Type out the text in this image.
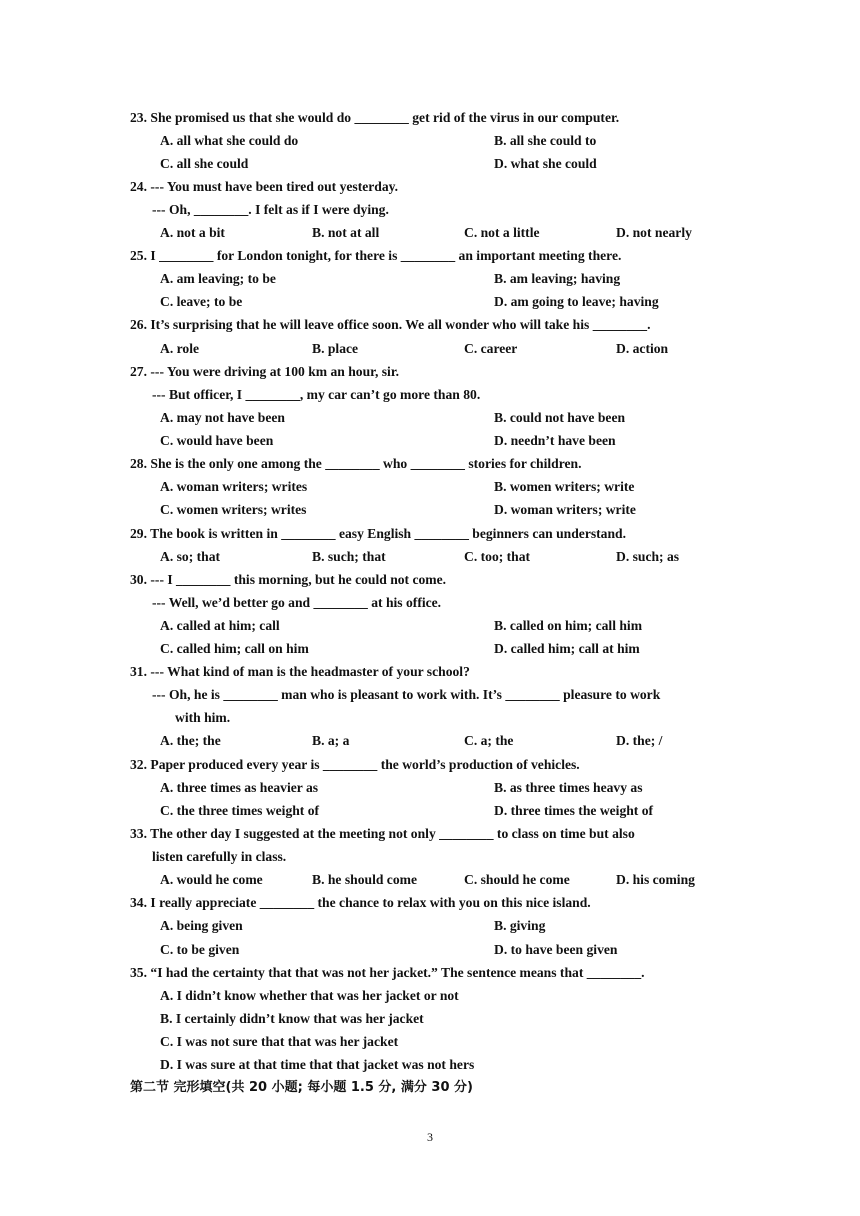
23. She promised us that she would do ________ get rid of the virus in our computer.
A. all what she could do	B. all she could to
C. all she could	D. what she could
24. --- You must have been tired out yesterday.
--- Oh, ________. I felt as if I were dying.
A. not a bit	B. not at all	C. not a little	D. not nearly
25. I ________ for London tonight, for there is ________ an important meeting there.
A. am leaving; to be	B. am leaving; having
C. leave; to be	D. am going to leave; having
26. It’s surprising that he will leave office soon. We all wonder who will take his ________.
A. role	B. place	C. career	D. action
27. --- You were driving at 100 km an hour, sir.
--- But officer, I ________, my car can’t go more than 80.
A. may not have been	B. could not have been
C. would have been	D. needn’t have been
28. She is the only one among the ________ who ________ stories for children.
A. woman writers; writes	B. women writers; write
C. women writers; writes	D. woman writers; write
29. The book is written in ________ easy English ________ beginners can understand.
A. so; that	B. such; that	C. too; that	D. such; as
30. --- I ________ this morning, but he could not come.
--- Well, we’d better go and ________ at his office.
A. called at him; call	B. called on him; call him
C. called him; call on him	D. called him; call at him
31. --- What kind of man is the headmaster of your school?
--- Oh, he is ________ man who is pleasant to work with. It’s ________ pleasure to work
with him.
A. the; the	B. a; a	C. a; the	D. the; /
32. Paper produced every year is ________ the world’s production of vehicles.
A. three times as heavier as	B. as three times heavy as
C. the three times weight of	D. three times the weight of
33. The other day I suggested at the meeting not only ________ to class on time but also
listen carefully in class.
A. would he come	B. he should come	C. should he come	D. his coming
34. I really appreciate ________ the chance to relax with you on this nice island.
A. being given	B. giving
C. to be given	D. to have been given
35. “I had the certainty that that was not her jacket.” The sentence means that ________.
A. I didn’t know whether that was her jacket or not
B. I certainly didn’t know that was her jacket
C. I was not sure that that was her jacket
D. I was sure at that time that that jacket was not hers
第二节 完形填空(共 20 小题; 每小题 1.5 分, 满分 30 分)
3
